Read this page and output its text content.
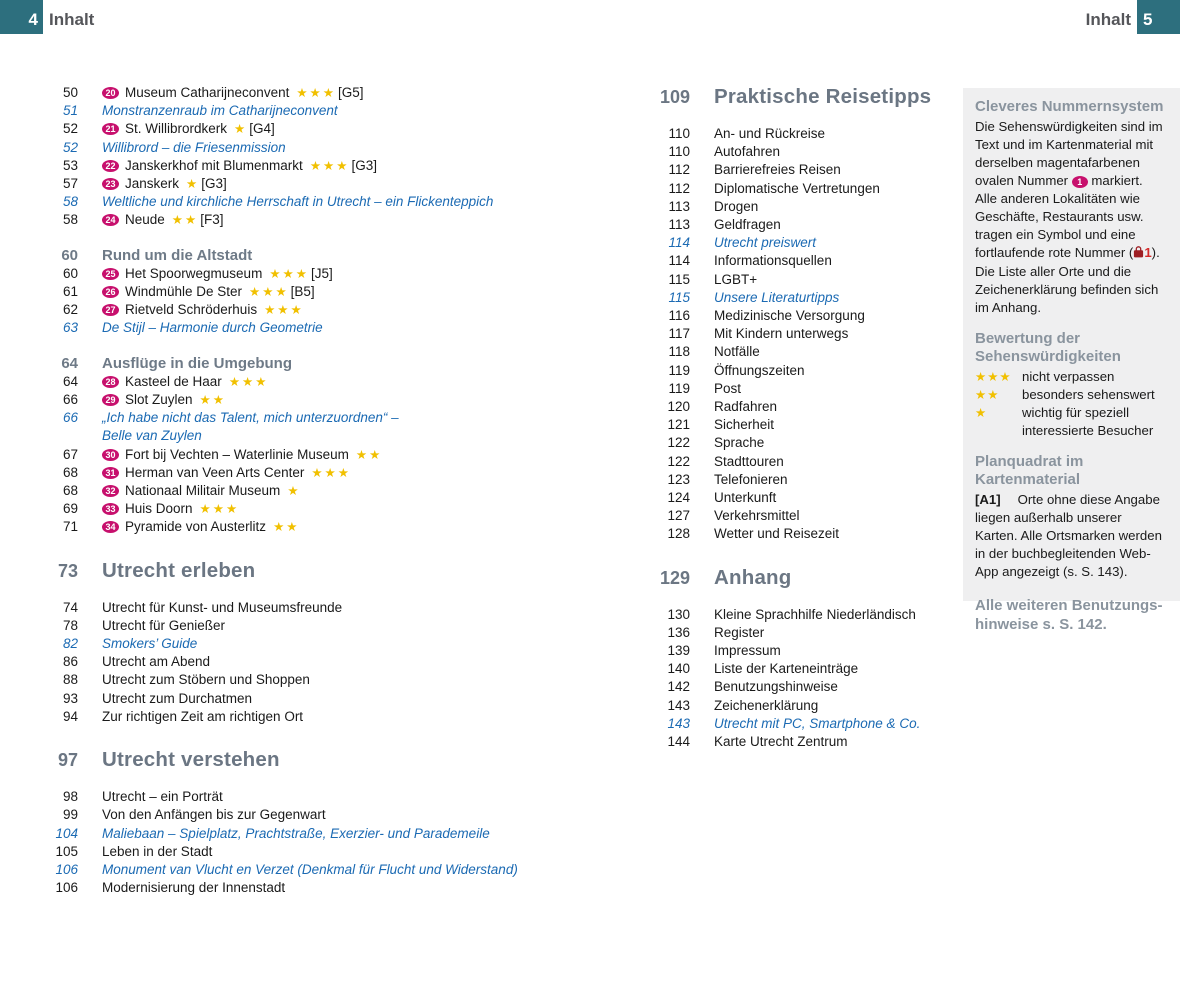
4 Inhalt	5
Inhalt
50	20 Museum Catharijneconvent ★★★ [G5]
51 Monstranzenraub im Catharijneconvent
52	21 St. Willibrordkerk ★ [G4]
52 Willibrord – die Friesenmission
53	22 Janskerkhof mit Blumenmarkt ★★★ [G3]
57	23 Janskerk ★ [G3]
58 Weltliche und kirchliche Herrschaft in Utrecht – ein Flickenteppich
58	24 Neude ★★ [F3]
60 Rund um die Altstadt
60	25 Het Spoorwegmuseum ★★★ [J5]
61	26 Windmühle De Ster ★★★ [B5]
62	27 Rietveld Schröderhuis ★★★
63 De Stijl – Harmonie durch Geometrie
64 Ausflüge in die Umgebung
64	28 Kasteel de Haar ★★★
66	29 Slot Zuylen ★★
66 „Ich habe nicht das Talent, mich unterzuordnen“ –
Belle van Zuylen
67	30 Fort bij Vechten – Waterlinie Museum ★★
68	31 Herman van Veen Arts Center ★★★
68	32 Nationaal Militair Museum ★
69	33 Huis Doorn ★★★
71	34 Pyramide von Austerlitz ★★
73 Utrecht erleben
74 Utrecht für Kunst- und Museumsfreunde
78 Utrecht für Genießer
82 Smokers’ Guide
86 Utrecht am Abend
88 Utrecht zum Stöbern und Shoppen
93 Utrecht zum Durchatmen
94 Zur richtigen Zeit am richtigen Ort
97 Utrecht verstehen
98 Utrecht – ein Porträt
99 Von den Anfängen bis zur Gegenwart
104 Maliebaan – Spielplatz, Prachtstraße, Exerzier- und Parademeile
105 Leben in der Stadt
106 Monument van Vlucht en Verzet (Denkmal für Flucht und Widerstand)
106 Modernisierung der Innenstadt
109 Praktische Reisetipps
110 An- und Rückreise
110 Autofahren
112 Barrierefreies Reisen
112 Diplomatische Vertretungen
113 Drogen
113 Geldfragen
114 Utrecht preiswert
114 Informationsquellen
115 LGBT+
115 Unsere Literaturtipps
116 Medizinische Versorgung
117 Mit Kindern unterwegs
118 Notfälle
119 Öffnungszeiten
119 Post
120 Radfahren
121 Sicherheit
122 Sprache
122 Stadttouren
123 Telefonieren
124 Unterkunft
127 Verkehrsmittel
128 Wetter und Reisezeit
129 Anhang
130 Kleine Sprachhilfe Niederländisch
136 Register
139 Impressum
140 Liste der Karteneinträge
142 Benutzungshinweise
143 Zeichenerklärung
143 Utrecht mit PC, Smartphone & Co.
144 Karte Utrecht Zentrum
Cleveres Nummernsystem
Die Sehenswürdigkeiten sind im Text und im Kartenmaterial mit derselben magentafarbenen ovalen Nummer 1 markiert. Alle anderen Lokalitäten wie Geschäfte, Restaurants usw. tragen ein Symbol und eine fortlaufende rote Nummer ( 1). Die Liste aller Orte und die Zeichenerklärung befinden sich im Anhang.
Bewertung der Sehenswürdigkeiten
★★★ nicht verpassen
★★	besonders sehenswert
★	wichtig für speziell interessierte Besucher
Planquadrat im Kartenmaterial
[A1] Orte ohne diese Angabe liegen außerhalb unserer Karten. Alle Ortsmarken werden in der buchbegleitenden Web-App angezeigt (s. S. 143).
Alle weiteren Benutzungs-hinweise s. S. 142.
